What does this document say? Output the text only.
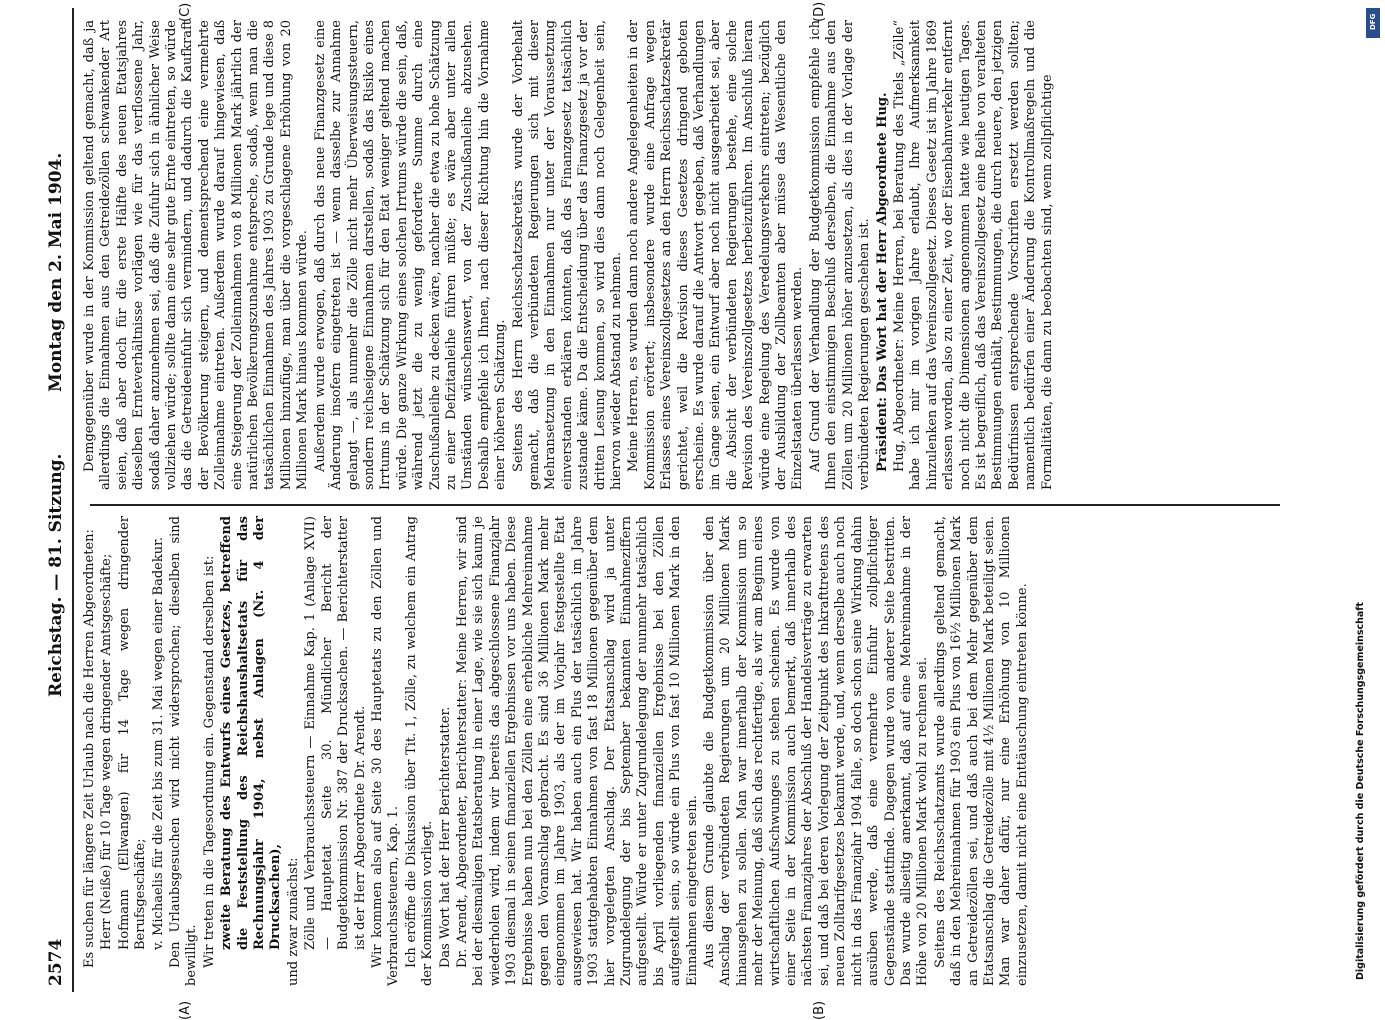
2574
Reichstag. — 81. Sitzung.
Montag den 2. Mai 1904.
(A)	(B)

Es suchen für längere Zeit Urlaub nach die Herren Abgeordneten: Herr (Neiße) für 10 Tage wegen dringender Amtsgeschäfte; Hofmann (Ellwangen) für 14 Tage wegen dringender Berufsgeschäfte; v. Michaelis für die Zeit bis zum 31. Mai wegen einer Badekur. Den Urlaubsgesuchen wird nicht widersprochen; dieselben sind bewilligt. Wir treten in die Tagesordnung ein. Gegenstand derselben ist: zweite Beratung des Entwurfs eines Gesetzes, betreffend die Feststellung des Reichshaushaltsetats für das Rechnungsjahr 1904, nebst Anlagen (Nr. 4 der Drucksachen), und zwar zunächst: Zölle und Verbrauchssteuern — Einnahme Kap. 1 (Anlage XVII) — Hauptetat Seite 30. Mündlicher Bericht der Budgetkommission Nr. 387 der Drucksachen. — Berichterstatter ist der Herr Abgeordnete Dr. Arendt. Wir kommen also auf Seite 30 des Hauptetats zu den Zöllen und Verbrauchssteuern, Kap. 1. Ich eröffne die Diskussion über Tit. 1, Zölle, zu welchem ein Antrag der Kommission vorliegt. Das Wort hat der Herr Berichterstatter. Dr. Arendt, Abgeordneter, Berichterstatter: Meine Herren, wir sind bei der diesmaligen Etatsberatung in einer Lage, wie sie sich kaum je wiederholen wird, indem wir bereits das abgeschlossene Finanzjahr 1903 diesmal in seinen finanziellen Ergebnissen vor uns haben. Diese Ergebnisse haben nun bei den Zöllen eine erhebliche Mehreinnahme gegen den Voranschlag gebracht. Es sind 36 Millionen Mark mehr eingenommen im Jahre 1903, als der im Vorjahr festgestellte Etat ausgewiesen hat. Wir haben auch ein Plus der tatsächlich im Jahre 1903 stattgehabten Einnahmen von fast 18 Millionen gegenüber dem hier vorgelegten Anschlag. Der Etatsanschlag wird ja unter Zugrundelegung der bis September bekannten Einnahmeziffern aufgestellt. Würde er unter Zugrundelegung der nunmehr tatsächlich bis April vorliegenden finanziellen Ergebnisse bei den Zöllen aufgestellt sein, so würde ein Plus von fast 10 Millionen Mark in den Einnahmen eingetreten sein. Aus diesem Grunde glaubte die Budgetkommission über den Anschlag der verbündeten Regierungen um 20 Millionen Mark hinausgehen zu sollen. Man war innerhalb der Kommission um so mehr der Meinung, daß sich das rechtfertige, als wir am Beginn eines wirtschaftlichen Aufschwunges zu stehen scheinen. Es wurde von einer Seite in der Kommission auch bemerkt, daß innerhalb des nächsten Finanzjahres der Abschluß der Handelsverträge zu erwarten sei, und daß bei deren Vorlegung der Zeitpunkt des Inkrafttretens des neuen Zolltarifgesetzes bekannt werde, und, wenn derselbe auch noch nicht in das Finanzjahr 1904 falle, so doch schon seine Wirkung dahin ausüben werde, daß eine vermehrte Einfuhr zollpflichtiger Gegenstände stattfinde. Dagegen wurde von anderer Seite bestritten. Das wurde allseitig anerkannt, daß auf eine Mehreinnahme in der Höhe von 20 Millionen Mark wohl zu rechnen sei. Seitens des Reichsschatzamts wurde allerdings geltend gemacht, daß in den Mehreinnahmen für 1903 ein Plus von 16½ Millionen Mark an Getreidezöllen sei, und daß auch bei dem Mehr gegenüber dem Etatsanschlag die Getreidezölle mit 4½ Millionen Mark beteiligt seien. Man war daher dafür, nur eine Erhöhung von 10 Millionen einzusetzen, damit nicht eine Enttäuschung eintreten könne.

(C)	(D)

Demgegenüber wurde in der Kommission geltend gemacht, daß ja allerdings die Einnahmen aus den Getreidezöllen schwankender Art seien, daß aber doch für die erste Hälfte des neuen Etatsjahres dieselben Ernteverhältnisse vorlägen wie für das verflossene Jahr, sodaß daher anzunehmen sei, daß die Zufuhr sich in ähnlicher Weise vollziehen würde; sollte dann eine sehr gute Ernte eintreten, so würde das die Getreideeinfuhr sich vermindern, und dadurch die Kaufkraft der Bevölkerung steigern, und dementsprechend eine vermehrte Zolleinnahme eintreten. Außerdem wurde darauf hingewiesen, daß eine Steigerung der Zolleinnahmen von 8 Millionen Mark jährlich der natürlichen Bevölkerungszunahme entspreche, sodaß, wenn man die tatsächlichen Einnahmen des Jahres 1903 zu Grunde lege und diese 8 Millionen hinzufüge, man über die vorgeschlagene Erhöhung von 20 Millionen Mark hinaus kommen würde. Außerdem wurde erwogen, daß durch das neue Finanzgesetz eine Änderung insofern eingetreten ist — wenn dasselbe zur Annahme gelangt —, als nunmehr die Zölle nicht mehr Überweisungssteuern, sondern reichseigene Einnahmen darstellen, sodaß das Risiko eines Irrtums in der Schätzung sich für den Etat weniger geltend machen würde. Die ganze Wirkung eines solchen Irrtums würde die sein, daß, während jetzt die zu wenig geforderte Summe durch eine Zuschußanleihe zu decken wäre, nachher die etwa zu hohe Schätzung zu einer Defizitanleihe führen müßte; es wäre aber unter allen Umständen wünschenswert, von der Zuschußanleihe abzusehen. Deshalb empfehle ich Ihnen, nach dieser Richtung hin die Vornahme einer höheren Schätzung. Seitens des Herrn Reichsschatzsekretärs wurde der Vorbehalt gemacht, daß die verbündeten Regierungen sich mit dieser Mehransetzung in den Einnahmen nur unter der Voraussetzung einverstanden erklären könnten, daß das Finanzgesetz tatsächlich zustande käme. Da die Entscheidung über das Finanzgesetz ja vor der dritten Lesung kommen, so wird dies dann noch Gelegenheit sein, hiervon wieder Abstand zu nehmen. Meine Herren, es wurden dann noch andere Angelegenheiten in der Kommission erörtert; insbesondere wurde eine Anfrage wegen Erlasses eines Vereinszollgesetzes an den Herrn Reichsschatzsekretär gerichtet, weil die Revision dieses Gesetzes dringend geboten erscheine. Es wurde darauf die Antwort gegeben, daß Verhandlungen im Gange seien, ein Entwurf aber noch nicht ausgearbeitet sei, aber die Absicht der verbündeten Regierungen bestehe, eine solche Revision des Vereinszollgesetzes herbeizuführen. Im Anschluß hieran würde eine Regelung des Veredelungsverkehrs eintreten; bezüglich der Ausbildung der Zollbeamten aber müsse das Wesentliche den Einzelstaaten überlassen werden. Auf Grund der Verhandlung der Budgetkommission empfehle ich Ihnen den einstimmigen Beschluß derselben, die Einnahme aus den Zöllen um 20 Millionen höher anzusetzen, als dies in der Vorlage der verbündeten Regierungen geschehen ist. Präsident: Das Wort hat der Herr Abgeordnete Hug. Hug, Abgeordneter: Meine Herren, bei Beratung des Titels „Zölle“ habe ich mir im vorigen Jahre erlaubt, Ihre Aufmerksamkeit hinzulenken auf das Vereinszollgesetz. Dieses Gesetz ist im Jahre 1869 erlassen worden, also zu einer Zeit, wo der Eisenbahnverkehr entfernt noch nicht die Dimensionen angenommen hatte wie heutigen Tages. Es ist begreiflich, daß das Vereinszollgesetz eine Reihe von veralteten Bestimmungen enthält, Bestimmungen, die durch neuere, den jetzigen Bedürfnissen entsprechende Vorschriften ersetzt werden sollten; namentlich bedürfen einer Änderung die Kontrollmaßregeln und die Formalitäten, die dann zu beobachten sind, wenn zollpflichtige

DFG
Digitalisierung gefördert durch die Deutsche Forschungsgemeinschaft
